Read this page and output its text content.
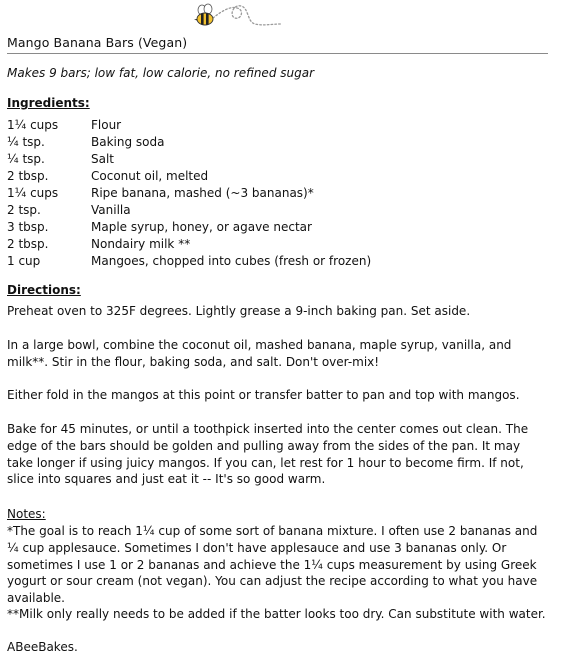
Mango Banana Bars (Vegan)
Makes 9 bars; low fat, low calorie, no refined sugar
Ingredients:
1¼ cups	Flour
¼ tsp.	Baking soda
¼ tsp.	Salt
2 tbsp.	Coconut oil, melted
1¼ cups	Ripe banana, mashed (~3 bananas)*
2 tsp.	Vanilla
3 tbsp.	Maple syrup, honey, or agave nectar
2 tbsp.	Nondairy milk **
1 cup	Mangoes, chopped into cubes (fresh or frozen)
Directions:

Preheat oven to 325F degrees. Lightly grease a 9-inch baking pan. Set aside.

In a large bowl, combine the coconut oil, mashed banana, maple syrup, vanilla, and milk**. Stir in the flour, baking soda, and salt. Don't over-mix!

Either fold in the mangos at this point or transfer batter to pan and top with mangos.

Bake for 45 minutes, or until a toothpick inserted into the center comes out clean. The edge of the bars should be golden and pulling away from the sides of the pan. It may take longer if using juicy mangos. If you can, let rest for 1 hour to become firm. If not, slice into squares and just eat it -- It's so good warm.

Notes:

*The goal is to reach 1¼ cup of some sort of banana mixture. I often use 2 bananas and ¼ cup applesauce. Sometimes I don't have applesauce and use 3 bananas only. Or sometimes I use 1 or 2 bananas and achieve the 1¼ cups measurement by using Greek yogurt or sour cream (not vegan). You can adjust the recipe according to what you have available.

**Milk only really needs to be added if the batter looks too dry. Can substitute with water.

ABeeBakes.
